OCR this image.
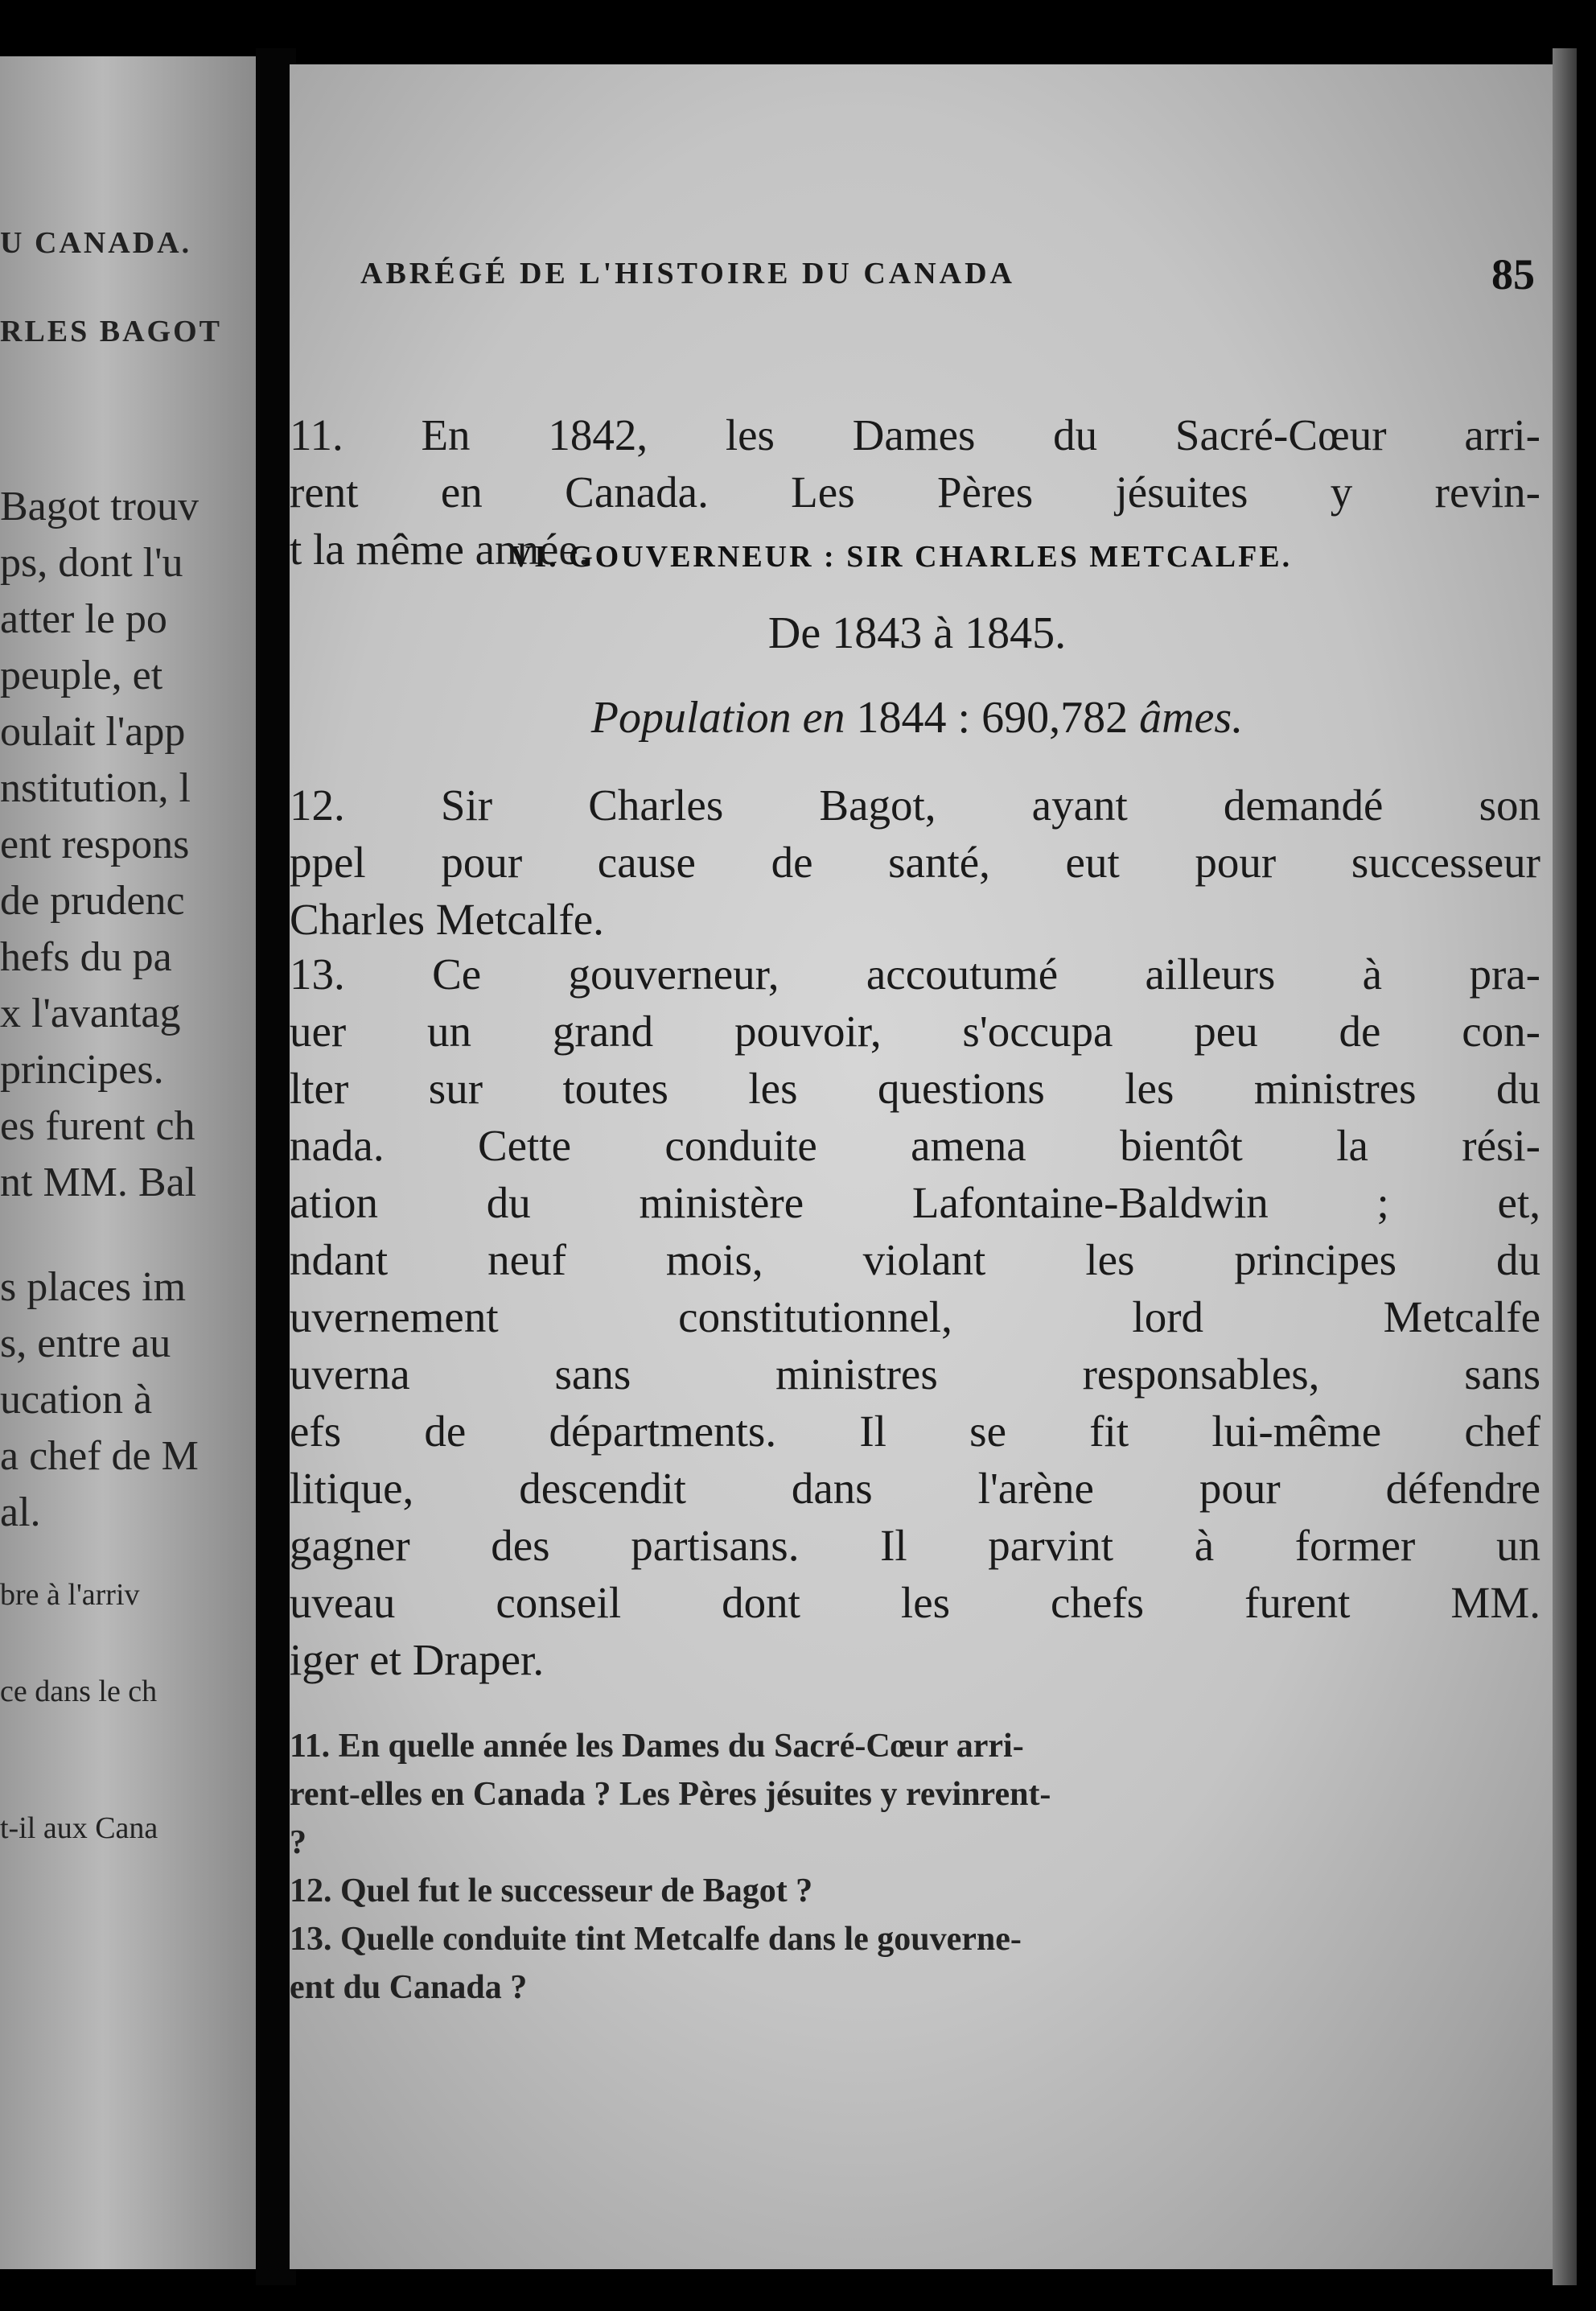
U CANADA.
RLES BAGOT
Bagot trouv
ps, dont l'u
atter le po
peuple, et
oulait l'app
nstitution, l
ent respons
de prudenc
hefs du pa
x l'avantag
principes.
es furent ch
nt MM. Bal
s places im
s, entre au
ucation à
a chef de M
al.
bre à l'arriv
ce dans le ch
t-il aux Cana
ABRÉGÉ DE L'HISTOIRE DU CANADA	85
11. En 1842, les Dames du Sacré-Cœur arri-
rent en Canada. Les Pères jésuites y revin-
t la même année.
VI. GOUVERNEUR : SIR CHARLES METCALFE.
De 1843 à 1845.
Population en 1844 : 690,782 âmes.
12. Sir Charles Bagot, ayant demandé son
ppel pour cause de santé, eut pour successeur
Charles Metcalfe.
13. Ce gouverneur, accoutumé ailleurs à pra-
uer un grand pouvoir, s'occupa peu de con-
lter sur toutes les questions les ministres du
nada. Cette conduite amena bientôt la rési-
ation du ministère Lafontaine-Baldwin ; et,
ndant neuf mois, violant les principes du
uvernement constitutionnel, lord Metcalfe
uverna sans ministres responsables, sans
efs de départments. Il se fit lui-même chef
litique, descendit dans l'arène pour défendre
gagner des partisans. Il parvint à former un
uveau conseil dont les chefs furent MM.
iger et Draper.
11. En quelle année les Dames du Sacré-Cœur arri-
rent-elles en Canada ? Les Pères jésuites y revinrent-
?
12. Quel fut le successeur de Bagot ?
13. Quelle conduite tint Metcalfe dans le gouverne-
ent du Canada ?
